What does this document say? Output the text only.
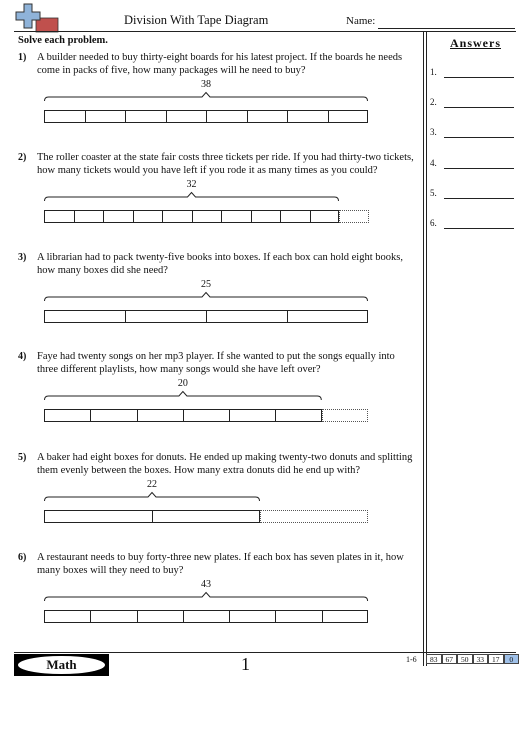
Division With Tape Diagram	Name:
Solve each problem.	Answers
1.
2.
3.
4.
5.
6.
1) A builder needed to buy thirty-eight boards for his latest project. If the boards he needs come in packs of five, how many packages will he need to buy?
38
2) The roller coaster at the state fair costs three tickets per ride. If you had thirty-two tickets, how many tickets would you have left if you rode it as many times as you could?
32
3) A librarian had to pack twenty-five books into boxes. If each box can hold eight books, how many boxes did she need?
25
4) Faye had twenty songs on her mp3 player. If she wanted to put the songs equally into three different playlists, how many songs would she have left over?
20
5) A baker had eight boxes for donuts. He ended up making twenty-two donuts and splitting them evenly between the boxes. How many extra donuts did he end up with?
22
6) A restaurant needs to buy forty-three new plates. If each box has seven plates in it, how many boxes will they need to buy?
43
Math	1	1-6	83	67	50	33	17	0
